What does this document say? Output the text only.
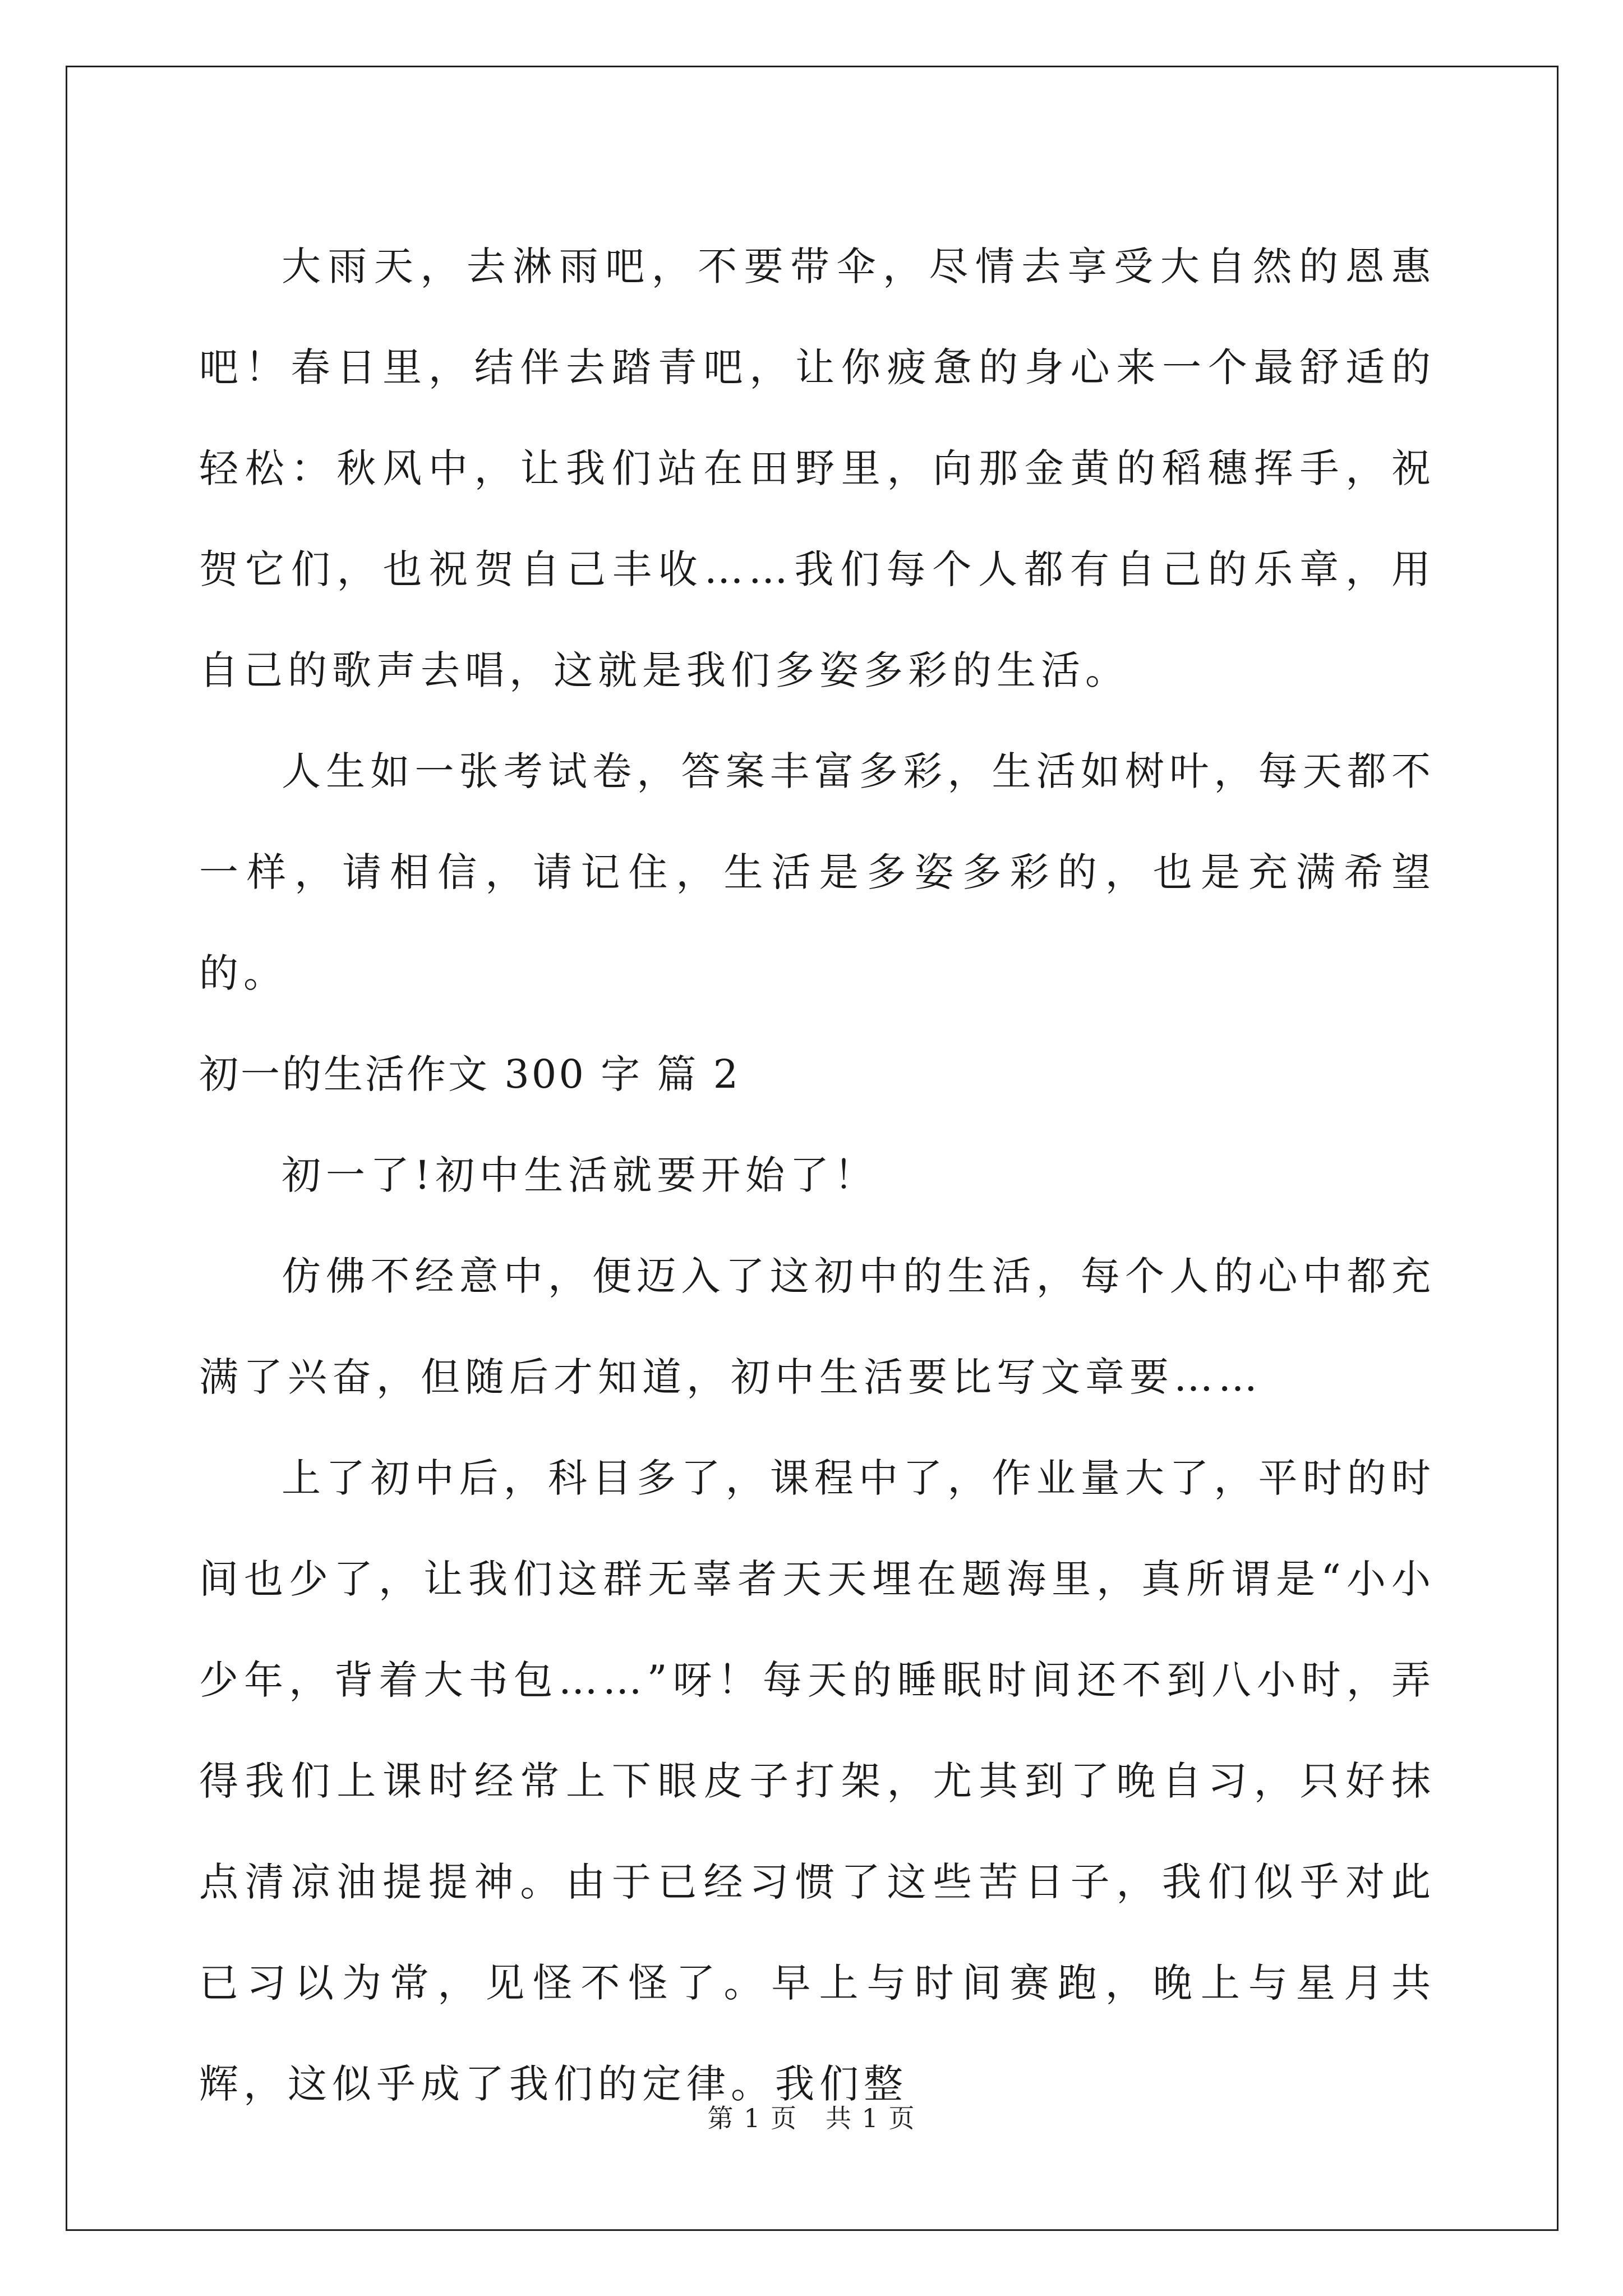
大雨天，去淋雨吧，不要带伞，尽情去享受大自然的恩惠吧！春日里，结伴去踏青吧，让你疲惫的身心来一个最舒适的轻松：秋风中，让我们站在田野里，向那金黄的稻穗挥手，祝贺它们，也祝贺自己丰收……我们每个人都有自己的乐章，用自己的歌声去唱，这就是我们多姿多彩的生活。

人生如一张考试卷，答案丰富多彩，生活如树叶，每天都不一样，请相信，请记住，生活是多姿多彩的，也是充满希望的。

初一的生活作文 300 字 篇 2

初一了!初中生活就要开始了！

仿佛不经意中，便迈入了这初中的生活，每个人的心中都充满了兴奋，但随后才知道，初中生活要比写文章要……

上了初中后，科目多了，课程中了，作业量大了，平时的时间也少了，让我们这群无辜者天天埋在题海里，真所谓是“小小少年，背着大书包……”呀！每天的睡眠时间还不到八小时，弄得我们上课时经常上下眼皮子打架，尤其到了晚自习，只好抹点清凉油提提神。由于已经习惯了这些苦日子，我们似乎对此已习以为常，见怪不怪了。早上与时间赛跑，晚上与星月共辉，这似乎成了我们的定律。我们整

第 1 页 共 1 页
